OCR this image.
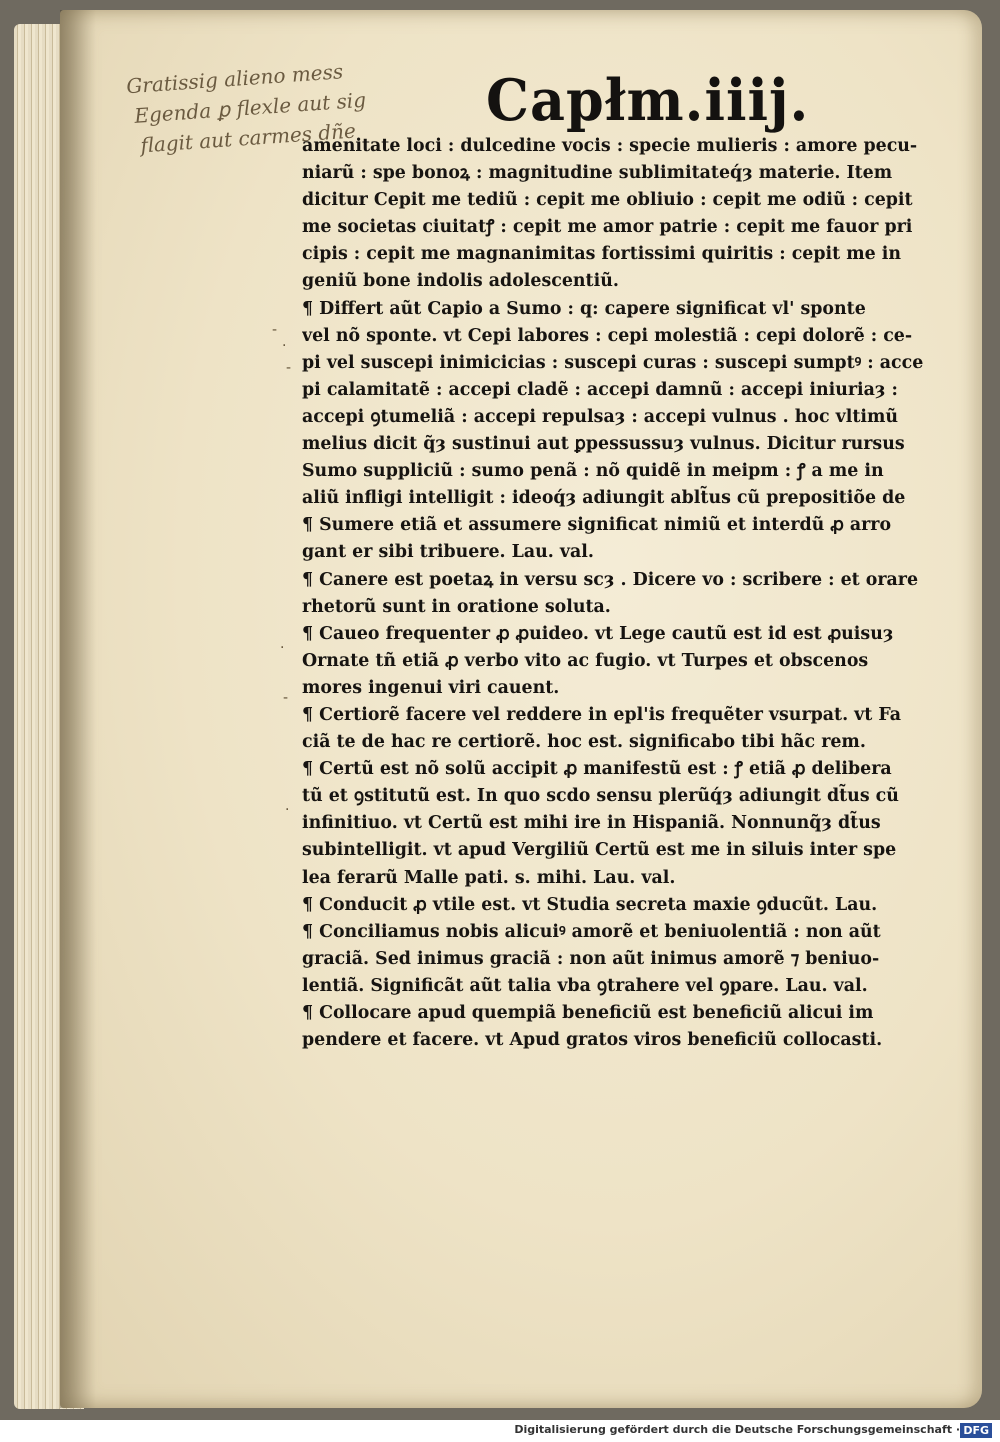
Gratissig alieno mess
Egenda ꝑ flexle aut sig
flagit aut carmes dñe
Capłm.iiij.
amenitate loci : dulcedine vocis : specie mulieris : amore pecu-
niarũ : spe bonoꝝ : magnitudine sublimitateq́ȝ materie. Item
dicitur Cepit me tediũ : cepit me obliuio : cepit me odiũ : cepit
me societas ciuitatꝭ : cepit me amor patrie : cepit me fauor pri
cipis : cepit me magnanimitas fortissimi quiritis : cepit me in
geniũ bone indolis adolescentiũ.
¶ Differt aũt Capio a Sumo : q: capere significat vl' sponte
vel nõ sponte. vt Cepi labores : cepi molestiã : cepi dolorẽ : ce-
pi vel suscepi inimicicias : suscepi curas : suscepi sumptꝰ : acce
pi calamitatẽ : accepi cladẽ : accepi damnũ : accepi iniuriaȝ :
accepi ꝯtumeliã : accepi repulsaȝ : accepi vulnus . hoc vltimũ
melius dicit q̃ȝ sustinui aut ꝑpessussuȝ vulnus. Dicitur rursus
Sumo suppliciũ : sumo penã : nõ quidẽ in meipm : ꝭ a me in
aliũ infligi intelligit : ideoq́ȝ adiungit ablt̃us cũ prepositiõe de
¶ Sumere etiã et assumere significat nimiũ et interdũ ꝓ arro
gant er sibi tribuere. Lau. val.
¶ Canere est poetaꝝ in versu scȝ . Dicere vo : scribere : et orare
rhetorũ sunt in oratione soluta.
¶ Caueo frequenter ꝓ ꝓuideo. vt Lege cautũ est id est ꝓuisuȝ
Ornate tñ etiã ꝓ verbo vito ac fugio. vt Turpes et obscenos
mores ingenui viri cauent.
¶ Certiorẽ facere vel reddere in epl'is frequẽter vsurpat. vt Fa
ciã te de hac re certiorẽ. hoc est. significabo tibi hãc rem.
¶ Certũ est nõ solũ accipit ꝓ manifestũ est : ꝭ etiã ꝓ delibera
tũ et ꝯstitutũ est. In quo scdo sensu plerũq́ȝ adiungit dt̃us cũ
infinitiuo. vt Certũ est mihi ire in Hispaniã. Nonnunq̃ȝ dt̃us
subintelligit. vt apud Vergiliũ Certũ est me in siluis inter spe
lea ferarũ Malle pati. s. mihi. Lau. val.
¶ Conducit ꝓ vtile est. vt Studia secreta maxie ꝯducũt. Lau.
¶ Conciliamus nobis alicuiꝰ amorẽ et beniuolentiã : non aũt
graciã. Sed inimus graciã : non aũt inimus amorẽ ⁊ beniuo-
lentiã. Significãt aũt talia vba ꝯtrahere vel ꝯpare. Lau. val.
¶ Collocare apud quempiã beneficiũ est beneficiũ alicui im
pendere et facere. vt Apud gratos viros beneficiũ collocasti.
-
·
-
·
-
·
Digitalisierung gefördert durch die Deutsche Forschungsgemeinschaft · DFG
